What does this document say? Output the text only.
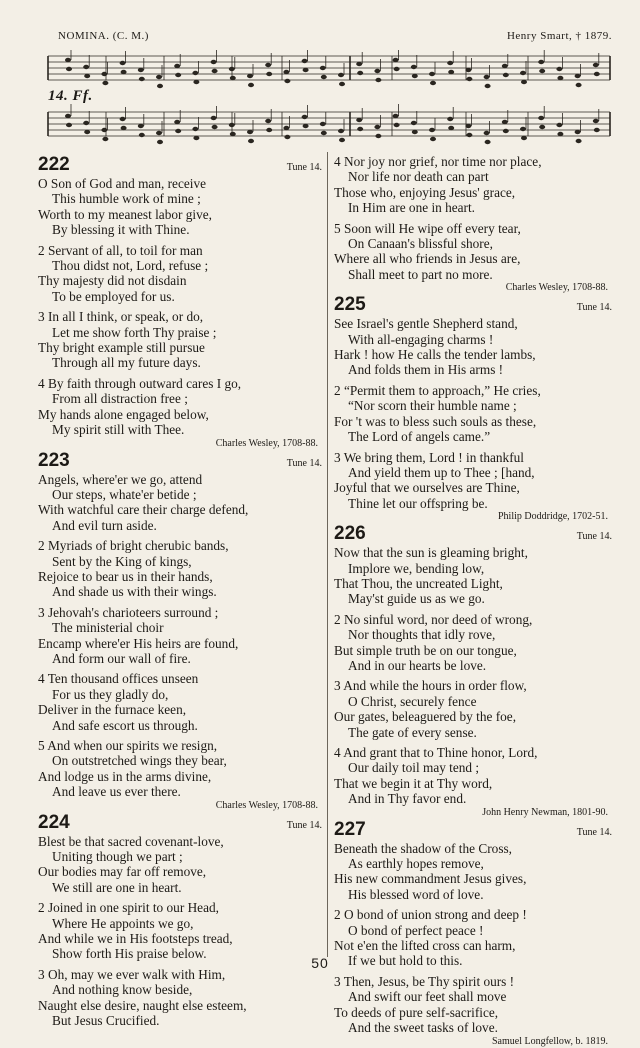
NOMINA. (C. M.)	Henry Smart, † 1879.
14. Ff.
222	Tune 14.
O Son of God and man, receive
This humble work of mine ;
Worth to my meanest labor give,
By blessing it with Thine.
2 Servant of all, to toil for man
Thou didst not, Lord, refuse ;
Thy majesty did not disdain
To be employed for us.
3 In all I think, or speak, or do,
Let me show forth Thy praise ;
Thy bright example still pursue
Through all my future days.
4 By faith through outward cares I go,
From all distraction free ;
My hands alone engaged below,
My spirit still with Thee.
Charles Wesley, 1708-88.
223	Tune 14.
Angels, where'er we go, attend
Our steps, whate'er betide ;
With watchful care their charge defend,
And evil turn aside.
2 Myriads of bright cherubic bands,
Sent by the King of kings,
Rejoice to bear us in their hands,
And shade us with their wings.
3 Jehovah's charioteers surround ;
The ministerial choir
Encamp where'er His heirs are found,
And form our wall of fire.
4 Ten thousand offices unseen
For us they gladly do,
Deliver in the furnace keen,
And safe escort us through.
5 And when our spirits we resign,
On outstretched wings they bear,
And lodge us in the arms divine,
And leave us ever there.
Charles Wesley, 1708-88.
224	Tune 14.
Blest be that sacred covenant-love,
Uniting though we part ;
Our bodies may far off remove,
We still are one in heart.
2 Joined in one spirit to our Head,
Where He appoints we go,
And while we in His footsteps tread,
Show forth His praise below.
3 Oh, may we ever walk with Him,
And nothing know beside,
Naught else desire, naught else esteem,
But Jesus Crucified.
4 Nor joy nor grief, nor time nor place,
Nor life nor death can part
Those who, enjoying Jesus' grace,
In Him are one in heart.
5 Soon will He wipe off every tear,
On Canaan's blissful shore,
Where all who friends in Jesus are,
Shall meet to part no more.
Charles Wesley, 1708-88.
225	Tune 14.
See Israel's gentle Shepherd stand,
With all-engaging charms !
Hark ! how He calls the tender lambs,
And folds them in His arms !
2 “Permit them to approach,” He cries,
“Nor scorn their humble name ;
For 't was to bless such souls as these,
The Lord of angels came.”
3 We bring them, Lord ! in thankful
And yield them up to Thee ; [hand,
Joyful that we ourselves are Thine,
Thine let our offspring be.
Philip Doddridge, 1702-51.
226	Tune 14.
Now that the sun is gleaming bright,
Implore we, bending low,
That Thou, the uncreated Light,
May'st guide us as we go.
2 No sinful word, nor deed of wrong,
Nor thoughts that idly rove,
But simple truth be on our tongue,
And in our hearts be love.
3 And while the hours in order flow,
O Christ, securely fence
Our gates, beleaguered by the foe,
The gate of every sense.
4 And grant that to Thine honor, Lord,
Our daily toil may tend ;
That we begin it at Thy word,
And in Thy favor end.
John Henry Newman, 1801-90.
227	Tune 14.
Beneath the shadow of the Cross,
As earthly hopes remove,
His new commandment Jesus gives,
His blessed word of love.
2 O bond of union strong and deep !
O bond of perfect peace !
Not e'en the lifted cross can harm,
If we but hold to this.
3 Then, Jesus, be Thy spirit ours !
And swift our feet shall move
To deeds of pure self-sacrifice,
And the sweet tasks of love.
Samuel Longfellow, b. 1819.
50
